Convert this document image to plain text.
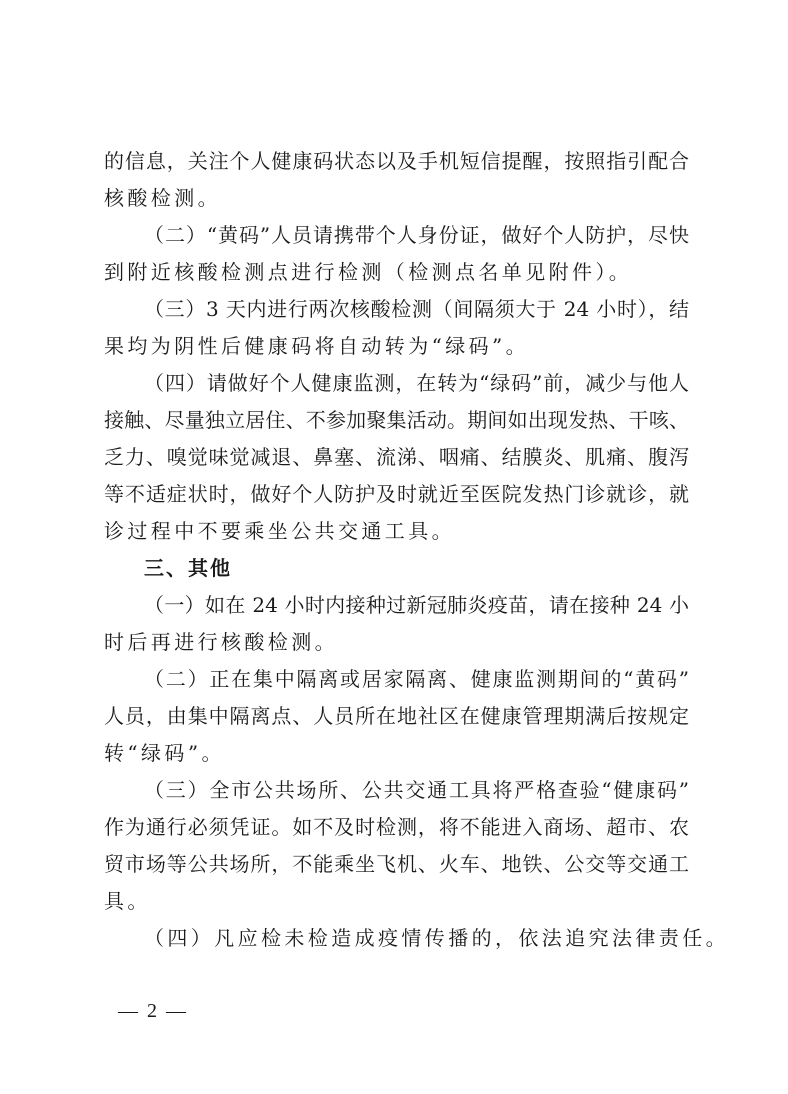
的信息，关注个人健康码状态以及手机短信提醒，按照指引配合
核酸检测。
（二）“黄码”人员请携带个人身份证，做好个人防护，尽快
到附近核酸检测点进行检测（检测点名单见附件）。
（三）3 天内进行两次核酸检测（间隔须大于 24 小时），结
果均为阴性后健康码将自动转为“绿码”。
（四）请做好个人健康监测，在转为“绿码”前，减少与他人
接触、尽量独立居住、不参加聚集活动。期间如出现发热、干咳、
乏力、嗅觉味觉减退、鼻塞、流涕、咽痛、结膜炎、肌痛、腹泻
等不适症状时，做好个人防护及时就近至医院发热门诊就诊，就
诊过程中不要乘坐公共交通工具。
三、其他
（一）如在 24 小时内接种过新冠肺炎疫苗，请在接种 24 小
时后再进行核酸检测。
（二）正在集中隔离或居家隔离、健康监测期间的“黄码”
人员，由集中隔离点、人员所在地社区在健康管理期满后按规定
转“绿码”。
（三）全市公共场所、公共交通工具将严格查验“健康码”
作为通行必须凭证。如不及时检测，将不能进入商场、超市、农
贸市场等公共场所，不能乘坐飞机、火车、地铁、公交等交通工
具。
（四）凡应检未检造成疫情传播的，依法追究法律责任。
— 2 —
